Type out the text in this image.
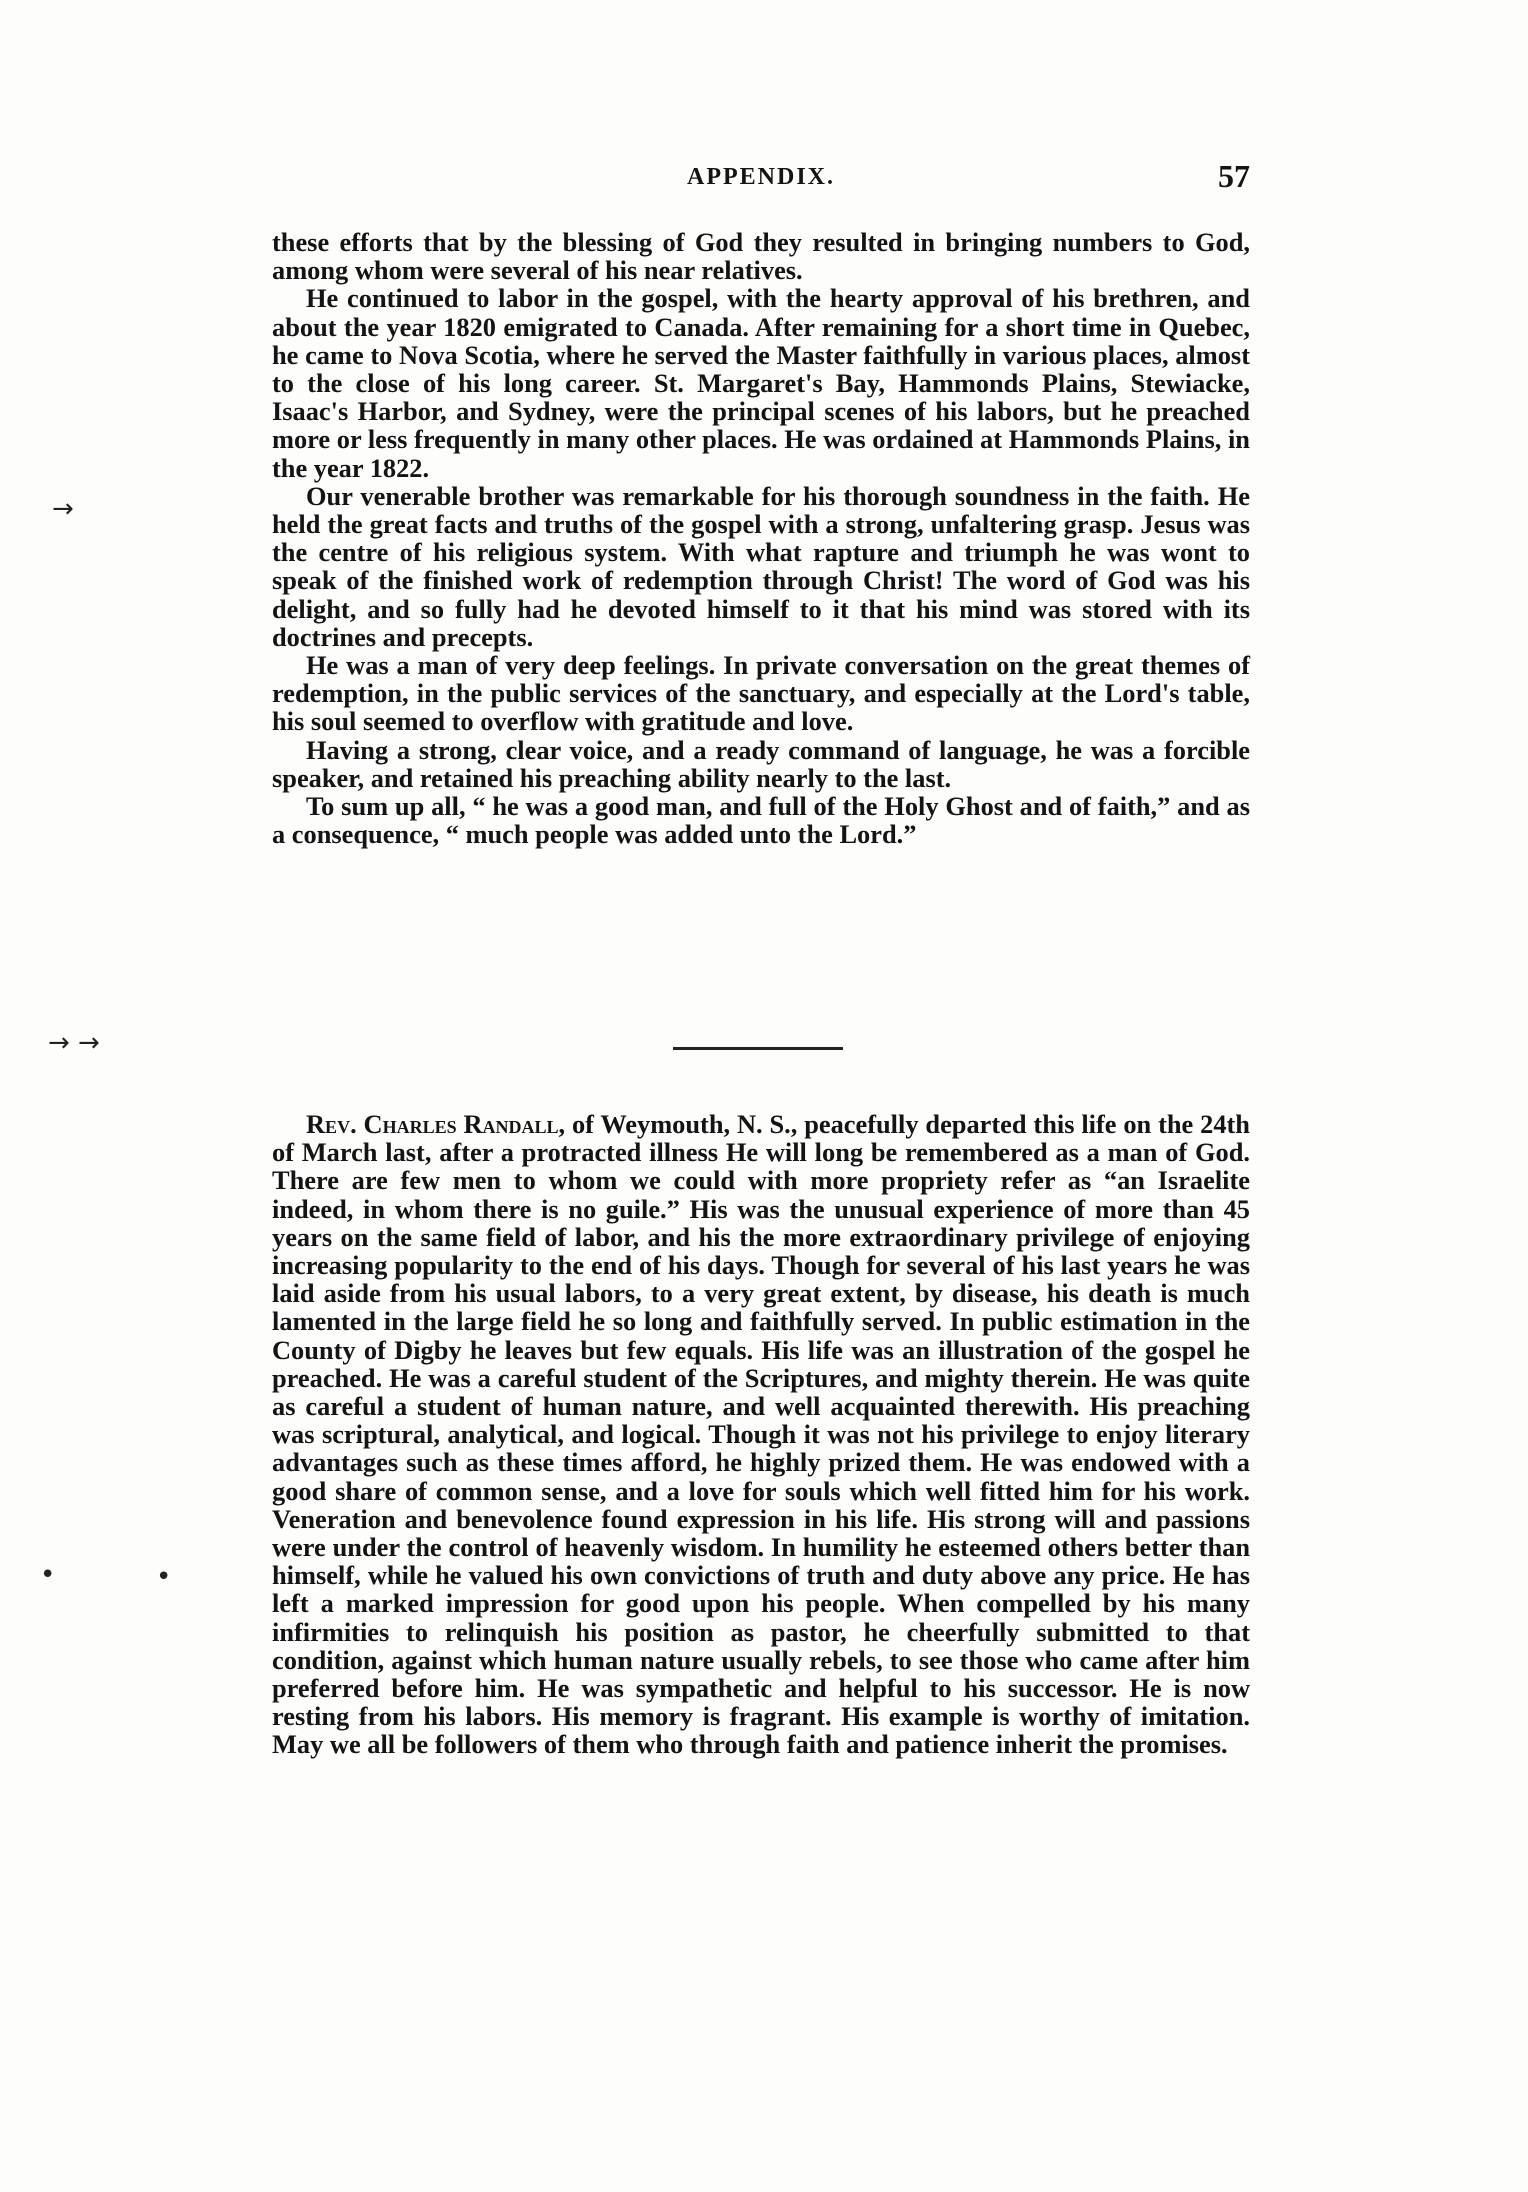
APPENDIX.	57

these efforts that by the blessing of God they resulted in bringing numbers to God, among whom were several of his near relatives.

He continued to labor in the gospel, with the hearty approval of his brethren, and about the year 1820 emigrated to Canada. After remaining for a short time in Quebec, he came to Nova Scotia, where he served the Master faithfully in various places, almost to the close of his long career. St. Margaret's Bay, Hammonds Plains, Stewiacke, Isaac's Harbor, and Sydney, were the principal scenes of his labors, but he preached more or less frequently in many other places. He was ordained at Hammonds Plains, in the year 1822.

Our venerable brother was remarkable for his thorough soundness in the faith. He held the great facts and truths of the gospel with a strong, unfaltering grasp. Jesus was the centre of his religious system. With what rapture and triumph he was wont to speak of the finished work of redemption through Christ! The word of God was his delight, and so fully had he devoted himself to it that his mind was stored with its doctrines and precepts.

He was a man of very deep feelings. In private conversation on the great themes of redemption, in the public services of the sanctuary, and especially at the Lord's table, his soul seemed to overflow with gratitude and love.

Having a strong, clear voice, and a ready command of language, he was a forcible speaker, and retained his preaching ability nearly to the last.

To sum up all, “ he was a good man, and full of the Holy Ghost and of faith,” and as a consequence, “ much people was added unto the Lord.”

Rev. Charles Randall, of Weymouth, N. S., peacefully departed this life on the 24th of March last, after a protracted illness He will long be remembered as a man of God. There are few men to whom we could with more propriety refer as “an Israelite indeed, in whom there is no guile.” His was the unusual experience of more than 45 years on the same field of labor, and his the more extraordinary privilege of enjoying increasing popularity to the end of his days. Though for several of his last years he was laid aside from his usual labors, to a very great extent, by disease, his death is much lamented in the large field he so long and faithfully served. In public estimation in the County of Digby he leaves but few equals. His life was an illustration of the gospel he preached. He was a careful student of the Scriptures, and mighty therein. He was quite as careful a student of human nature, and well acquainted therewith. His preaching was scriptural, analytical, and logical. Though it was not his privilege to enjoy literary advantages such as these times afford, he highly prized them. He was endowed with a good share of common sense, and a love for souls which well fitted him for his work. Veneration and benevolence found expression in his life. His strong will and passions were under the control of heavenly wisdom. In humility he esteemed others better than himself, while he valued his own convictions of truth and duty above any price. He has left a marked impression for good upon his people. When compelled by his many infirmities to relinquish his position as pastor, he cheerfully submitted to that condition, against which human nature usually rebels, to see those who came after him preferred before him. He was sympathetic and helpful to his successor. He is now resting from his labors. His memory is fragrant. His example is worthy of imitation. May we all be followers of them who through faith and patience inherit the promises.

→
→ →
•	•
